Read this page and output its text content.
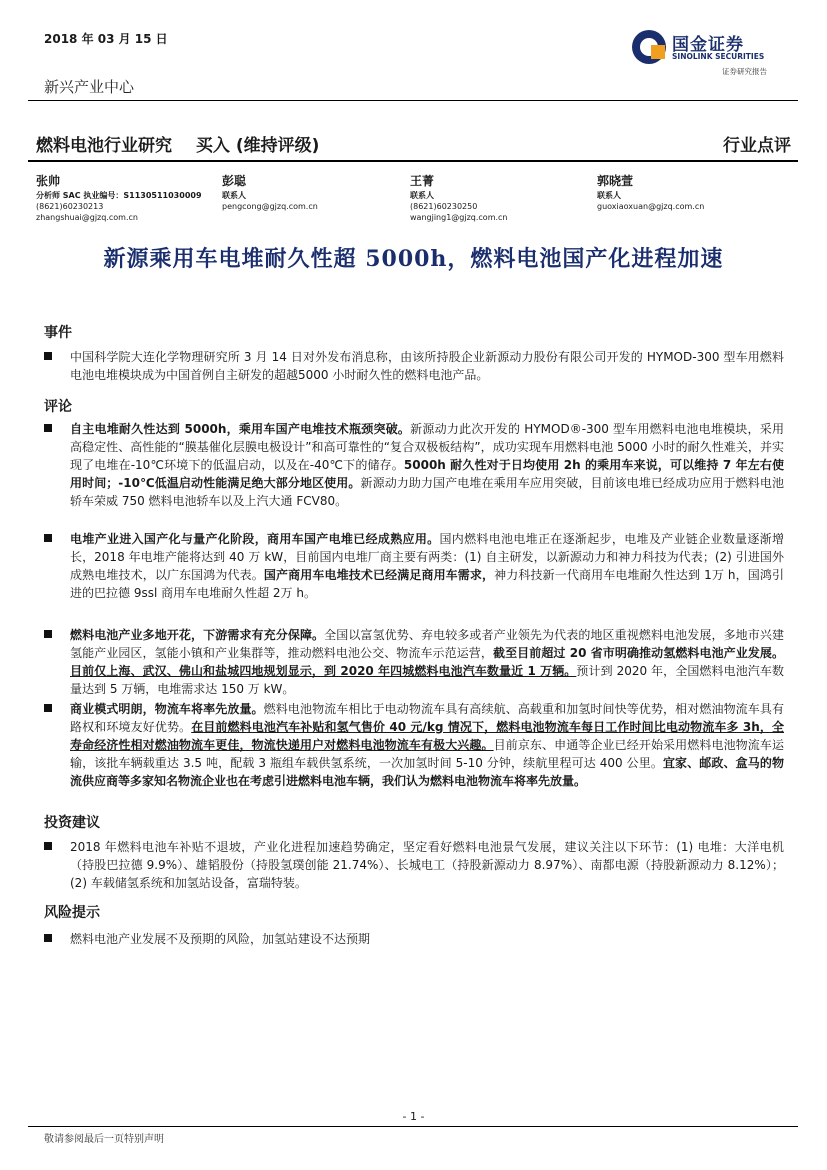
2018 年 03 月 15 日
新兴产业中心
国金证券
SINOLINK SECURITIES
证券研究报告
燃料电池行业研究 买入 (维持评级)	行业点评
张帅
分析师 SAC 执业编号：S1130511030009
(8621)60230213
zhangshuai@gjzq.com.cn
彭聪
联系人
pengcong@gjzq.com.cn
王菁
联系人
(8621)60230250
wangjing1@gjzq.com.cn
郭晓萱
联系人
guoxiaoxuan@gjzq.com.cn
新源乘用车电堆耐久性超 5000h，燃料电池国产化进程加速
事件
中国科学院大连化学物理研究所 3 月 14 日对外发布消息称，由该所持股企业新源动力股份有限公司开发的 HYMOD-300 型车用燃料电池电堆模块成为中国首例自主研发的超越5000 小时耐久性的燃料电池产品。
评论
自主电堆耐久性达到 5000h，乘用车国产电堆技术瓶颈突破。新源动力此次开发的 HYMOD®-300 型车用燃料电池电堆模块，采用高稳定性、高性能的“膜基催化层膜电极设计”和高可靠性的“复合双极板结构”，成功实现车用燃料电池 5000 小时的耐久性难关，并实现了电堆在-10℃环境下的低温启动，以及在-40℃下的储存。5000h 耐久性对于日均使用 2h 的乘用车来说，可以维持 7 年左右使用时间；-10℃低温启动性能满足绝大部分地区使用。新源动力助力国产电堆在乘用车应用突破，目前该电堆已经成功应用于燃料电池轿车荣威 750 燃料电池轿车以及上汽大通 FCV80。
电堆产业进入国产化与量产化阶段，商用车国产电堆已经成熟应用。国内燃料电池电堆正在逐渐起步，电堆及产业链企业数量逐渐增长，2018 年电堆产能将达到 40 万 kW，目前国内电堆厂商主要有两类：(1) 自主研发，以新源动力和神力科技为代表；(2) 引进国外成熟电堆技术，以广东国鸿为代表。国产商用车电堆技术已经满足商用车需求，神力科技新一代商用车电堆耐久性达到 1万 h，国鸿引进的巴拉德 9ssl 商用车电堆耐久性超 2万 h。
燃料电池产业多地开花，下游需求有充分保障。全国以富氢优势、弃电较多或者产业领先为代表的地区重视燃料电池发展，多地市兴建氢能产业园区，氢能小镇和产业集群等，推动燃料电池公交、物流车示范运营，截至目前超过 20 省市明确推动氢燃料电池产业发展。目前仅上海、武汉、佛山和盐城四地规划显示，到 2020 年四城燃料电池汽车数量近 1 万辆。预计到 2020 年，全国燃料电池汽车数量达到 5 万辆，电堆需求达 150 万 kW。
商业模式明朗，物流车将率先放量。燃料电池物流车相比于电动物流车具有高续航、高载重和加氢时间快等优势，相对燃油物流车具有路权和环境友好优势。在目前燃料电池汽车补贴和氢气售价 40 元/kg 情况下，燃料电池物流车每日工作时间比电动物流车多 3h，全寿命经济性相对燃油物流车更佳，物流快递用户对燃料电池物流车有极大兴趣。目前京东、申通等企业已经开始采用燃料电池物流车运输，该批车辆载重达 3.5 吨，配载 3 瓶组车载供氢系统，一次加氢时间 5-10 分钟，续航里程可达 400 公里。宜家、邮政、盒马的物流供应商等多家知名物流企业也在考虑引进燃料电池车辆，我们认为燃料电池物流车将率先放量。
投资建议
2018 年燃料电池车补贴不退坡，产业化进程加速趋势确定，坚定看好燃料电池景气发展，建议关注以下环节：(1) 电堆：大洋电机（持股巴拉德 9.9%）、雄韬股份（持股氢璞创能 21.74%）、长城电工（持股新源动力 8.97%）、南都电源（持股新源动力 8.12%）；(2) 车载储氢系统和加氢站设备，富瑞特装。
风险提示
燃料电池产业发展不及预期的风险，加氢站建设不达预期
- 1 -
敬请参阅最后一页特别声明
